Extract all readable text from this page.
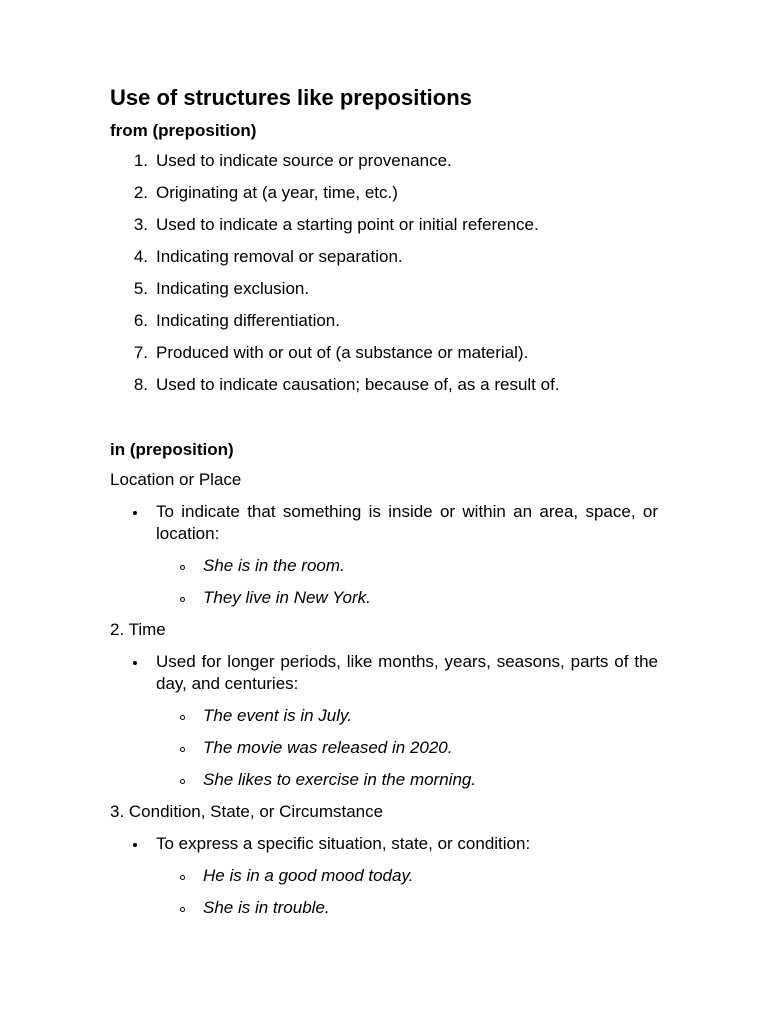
Use of structures like prepositions
from (preposition)
1. Used to indicate source or provenance.
2. Originating at (a year, time, etc.)
3. Used to indicate a starting point or initial reference.
4. Indicating removal or separation.
5. Indicating exclusion.
6. Indicating differentiation.
7. Produced with or out of (a substance or material).
8. Used to indicate causation; because of, as a result of.
in (preposition)
Location or Place
To indicate that something is inside or within an area, space, or location:
She is in the room.
They live in New York.
2. Time
Used for longer periods, like months, years, seasons, parts of the day, and centuries:
The event is in July.
The movie was released in 2020.
She likes to exercise in the morning.
3. Condition, State, or Circumstance
To express a specific situation, state, or condition:
He is in a good mood today.
She is in trouble.
